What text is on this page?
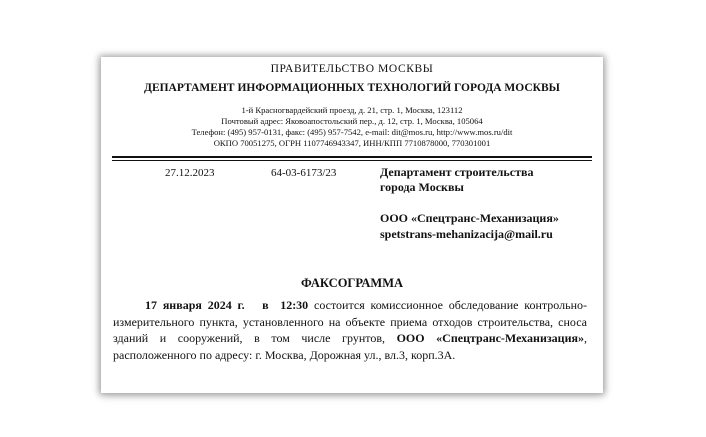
ПРАВИТЕЛЬСТВО МОСКВЫ
ДЕПАРТАМЕНТ ИНФОРМАЦИОННЫХ ТЕХНОЛОГИЙ ГОРОДА МОСКВЫ
1-й Красногвардейский проезд, д. 21, стр. 1, Москва, 123112
Почтовый адрес: Яковоапостольский пер., д. 12, стр. 1, Москва, 105064
Телефон: (495) 957-0131, факс: (495) 957-7542, e-mail: dit@mos.ru, http://www.mos.ru/dit
ОКПО 70051275, ОГРН 1107746943347, ИНН/КПП 7710878000, 770301001
27.12.2023	64-03-6173/23	Департамент строительства
города Москвы
ООО «Спецтранс-Механизация»
spetstrans-mehanizacija@mail.ru
ФАКСОГРАММА

17 января 2024 г. в 12:30 состоится комиссионное обследование контрольно-измерительного пункта, установленного на объекте приема отходов строительства, сноса зданий и сооружений, в том числе грунтов, ООО «Спецтранс-Механизация», расположенного по адресу: г. Москва, Дорожная ул., вл.3, корп.3А.
